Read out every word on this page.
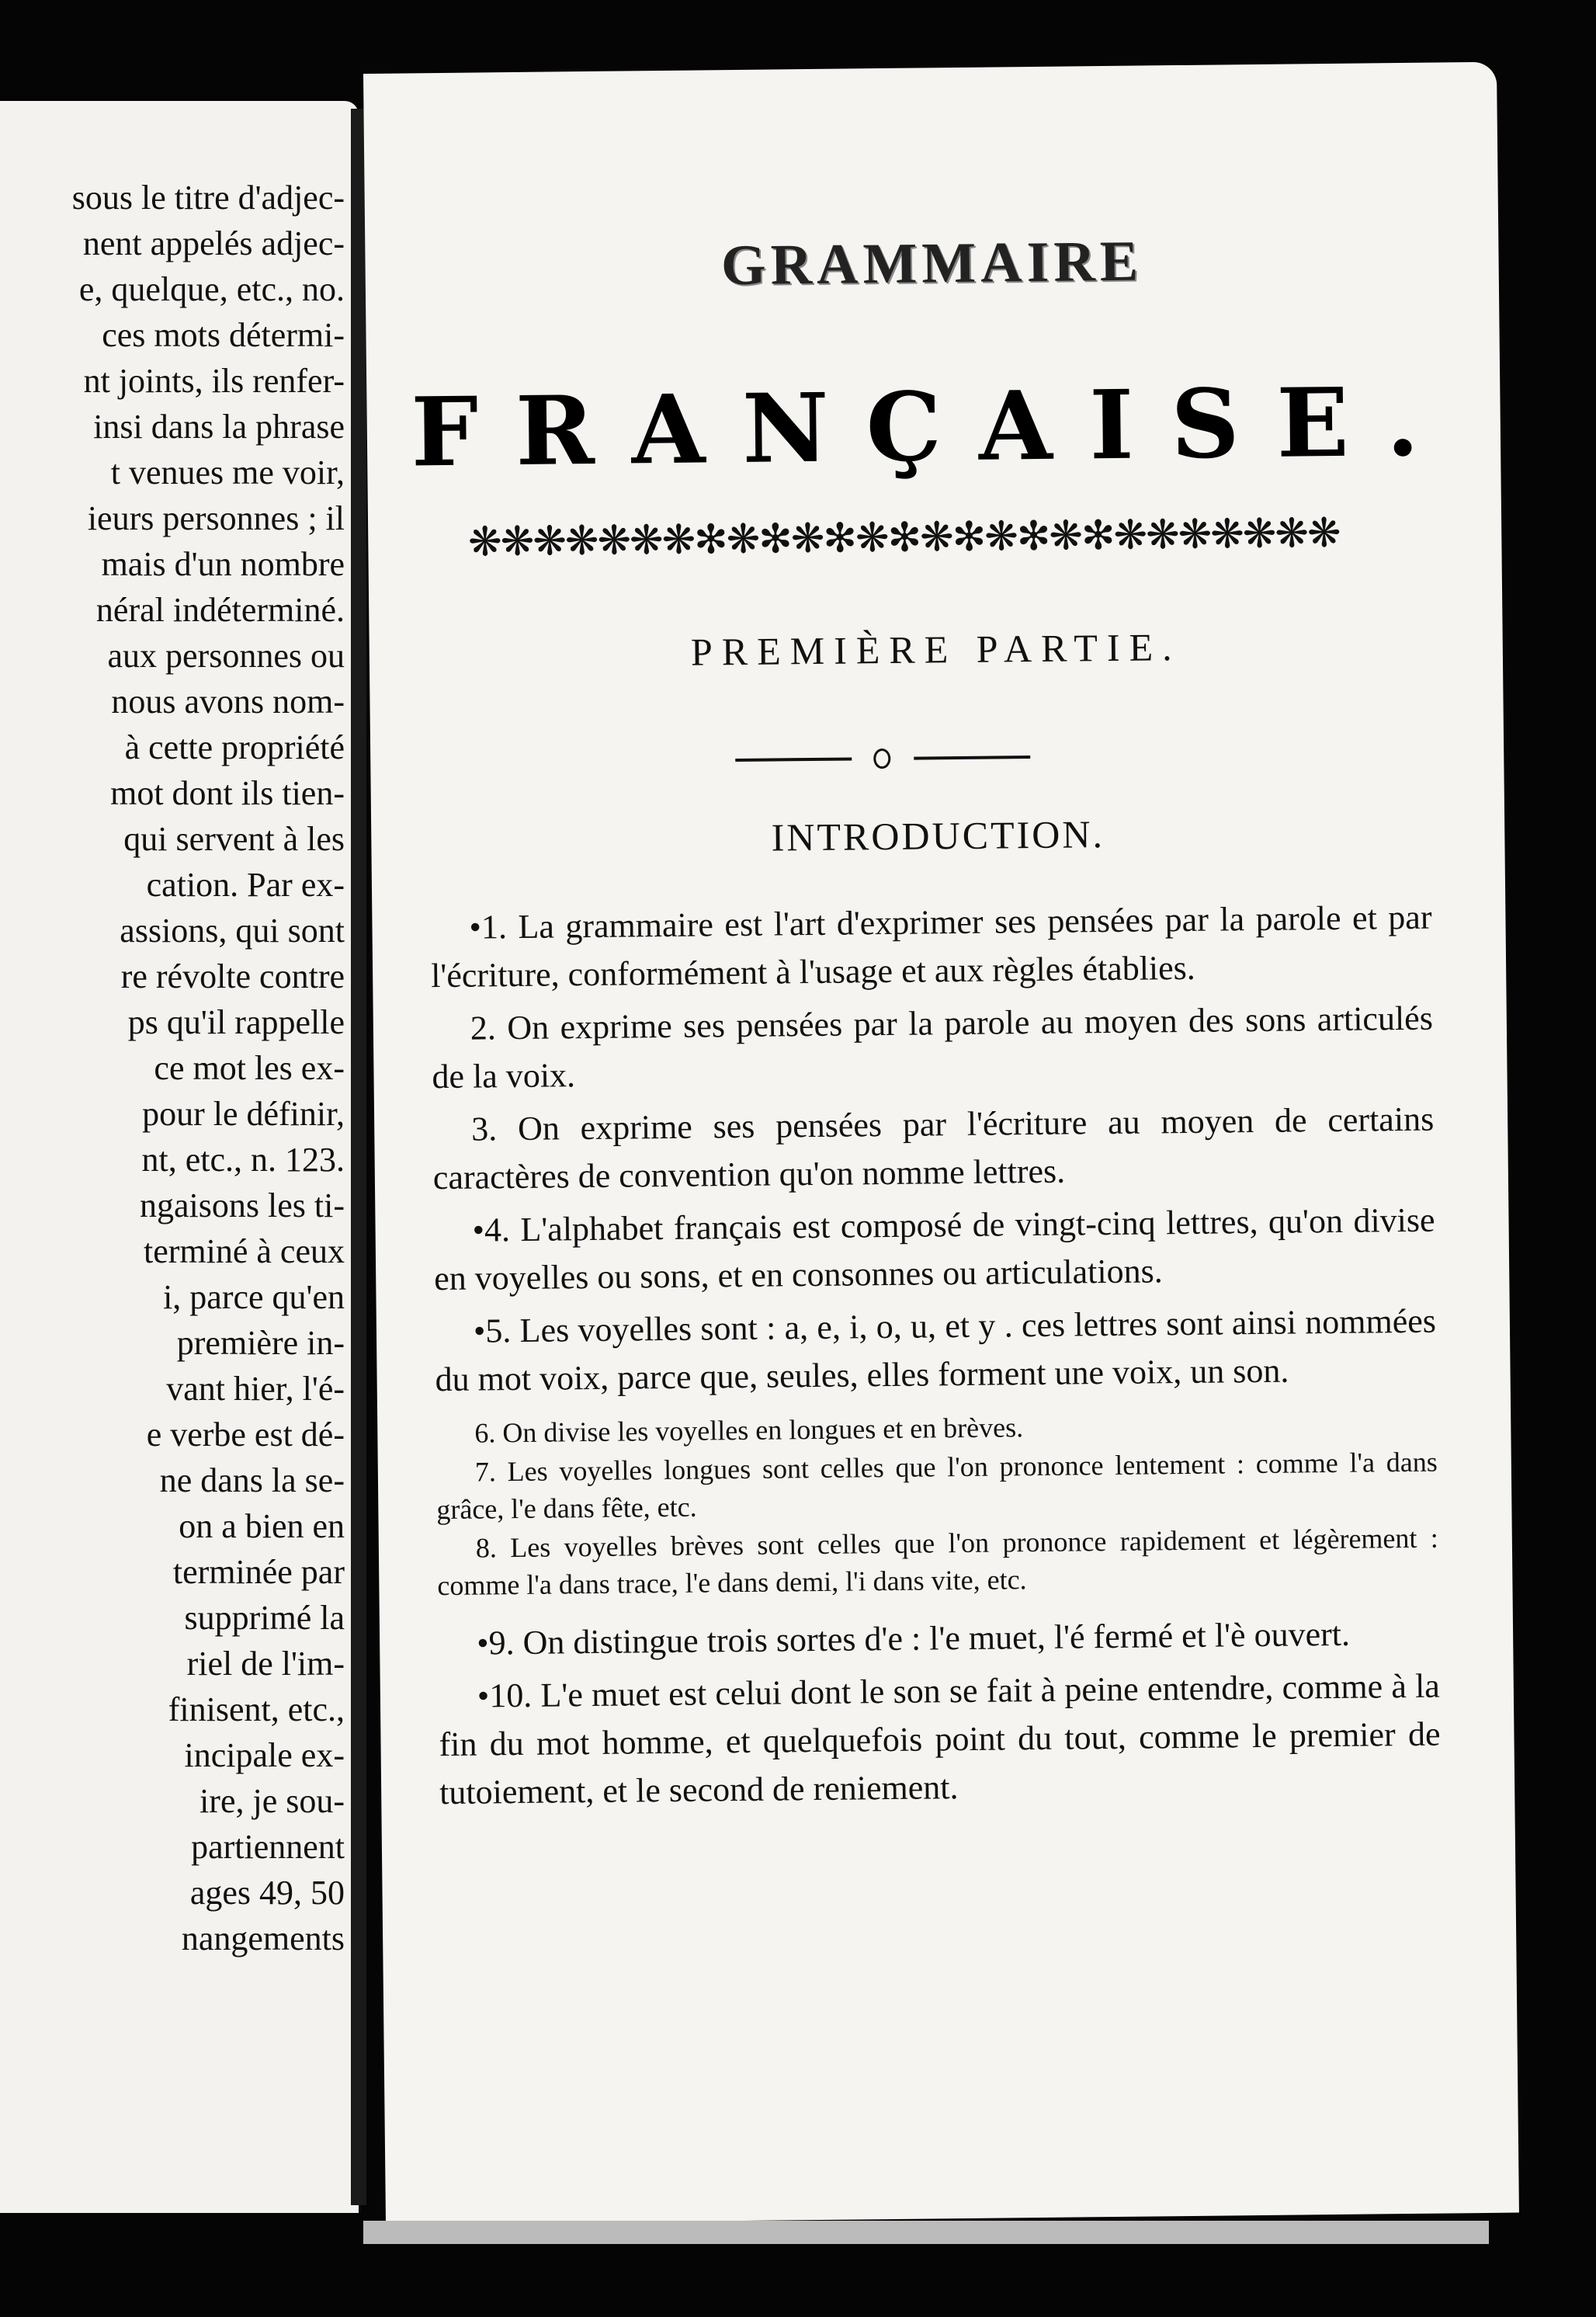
sous le titre d'adjec-
nent appelés adjec-
e, quelque, etc., no.
ces mots détermi-
nt joints, ils renfer-
insi dans la phrase
t venues me voir,
ieurs personnes ; il
mais d'un nombre
néral indéterminé.
aux personnes ou
nous avons nom-
à cette propriété
mot dont ils tien-
qui servent à les
cation. Par ex-
assions, qui sont
re révolte contre
ps qu'il rappelle
ce mot les ex-
pour le définir,
nt, etc., n. 123.
ngaisons les ti-
terminé à ceux
i, parce qu'en
première in-
vant hier, l'é-
e verbe est dé-
ne dans la se-
on a bien en
terminée par
supprimé la
riel de l'im-
finisent, etc.,
incipale ex-
ire, je sou-
partiennent
ages 49, 50
nangements
GRAMMAIRE
FRANÇAISE.
❋❋❋❋❋❋❋✻❋✻❋✻❋✻❋✻❋✻❋✻❋❋❋❋❋❋❋
PREMIÈRE PARTIE.
INTRODUCTION.

•1. La grammaire est l'art d'exprimer ses pensées par la parole et par l'écriture, conformément à l'usage et aux règles établies.

2. On exprime ses pensées par la parole au moyen des sons articulés de la voix.

3. On exprime ses pensées par l'écriture au moyen de certains caractères de convention qu'on nomme lettres.

•4. L'alphabet français est composé de vingt-cinq lettres, qu'on divise en voyelles ou sons, et en consonnes ou articulations.

•5. Les voyelles sont : a, e, i, o, u, et y . ces lettres sont ainsi nommées du mot voix, parce que, seules, elles forment une voix, un son.

6. On divise les voyelles en longues et en brèves.

7. Les voyelles longues sont celles que l'on prononce lentement : comme l'a dans grâce, l'e dans fête, etc.

8. Les voyelles brèves sont celles que l'on prononce rapidement et légèrement : comme l'a dans trace, l'e dans demi, l'i dans vite, etc.

•9. On distingue trois sortes d'e : l'e muet, l'é fermé et l'è ouvert.

•10. L'e muet est celui dont le son se fait à peine entendre, comme à la fin du mot homme, et quelquefois point du tout, comme le premier de tutoiement, et le second de reniement.
